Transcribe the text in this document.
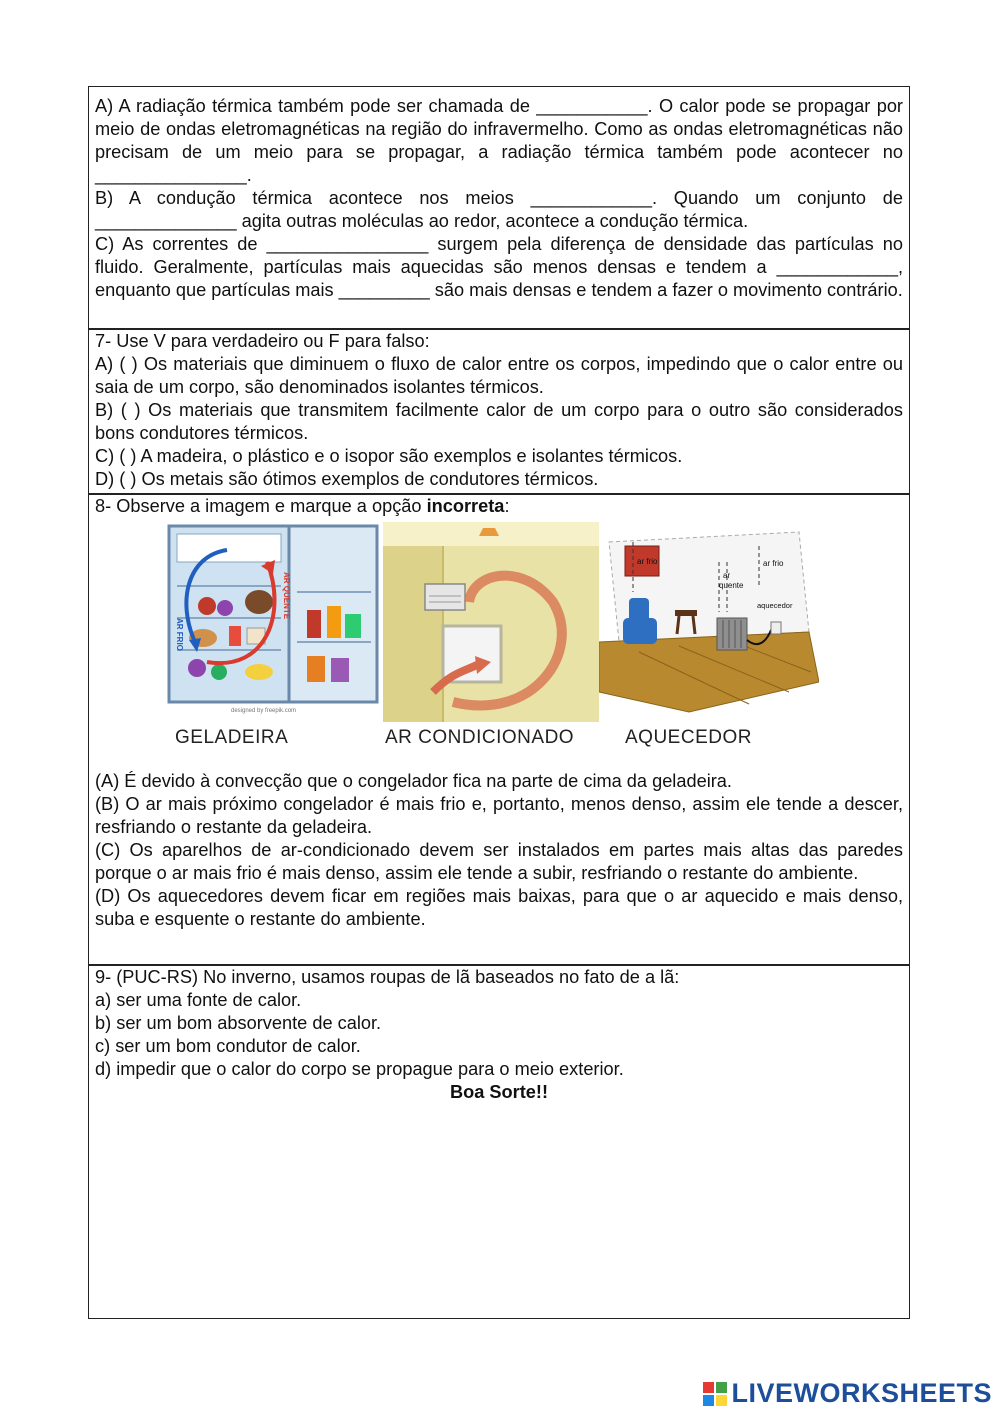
A) A radiação térmica também pode ser chamada de ___________. O calor pode se propagar por meio de ondas eletromagnéticas na região do infravermelho. Como as ondas eletromagnéticas não precisam de um meio para se propagar, a radiação térmica também pode acontecer no _______________.

B) A condução térmica acontece nos meios ____________. Quando um conjunto de ______________ agita outras moléculas ao redor, acontece a condução térmica.

C) As correntes de ________________ surgem pela diferença de densidade das partículas no fluido. Geralmente, partículas mais aquecidas são menos densas e tendem a ____________, enquanto que partículas mais _________ são mais densas e tendem a fazer o movimento contrário.

7- Use V para verdadeiro ou F para falso:

A) ( ) Os materiais que diminuem o fluxo de calor entre os corpos, impedindo que o calor entre ou saia de um corpo, são denominados isolantes térmicos.

B) ( ) Os materiais que transmitem facilmente calor de um corpo para o outro são considerados bons condutores térmicos.

C) ( ) A madeira, o plástico e o isopor são exemplos e isolantes térmicos.

D) ( ) Os metais são ótimos exemplos de condutores térmicos.

8- Observe a imagem e marque a opção incorreta:

AR FRIO
AR QUENTE
designed by freepik.com
ar frio	ar frio
ar
quente
aquecedor
GELADEIRA	AR CONDICIONADO	AQUECEDOR

(A) É devido à convecção que o congelador fica na parte de cima da geladeira.

(B) O ar mais próximo congelador é mais frio e, portanto, menos denso, assim ele tende a descer, resfriando o restante da geladeira.

(C) Os aparelhos de ar-condicionado devem ser instalados em partes mais altas das paredes porque o ar mais frio é mais denso, assim ele tende a subir, resfriando o restante do ambiente.

(D) Os aquecedores devem ficar em regiões mais baixas, para que o ar aquecido e mais denso, suba e esquente o restante do ambiente.

9- (PUC-RS) No inverno, usamos roupas de lã baseados no fato de a lã:

a) ser uma fonte de calor.

b) ser um bom absorvente de calor.

c) ser um bom condutor de calor.

d) impedir que o calor do corpo se propague para o meio exterior.

Boa Sorte!!

LIVEWORKSHEETS
